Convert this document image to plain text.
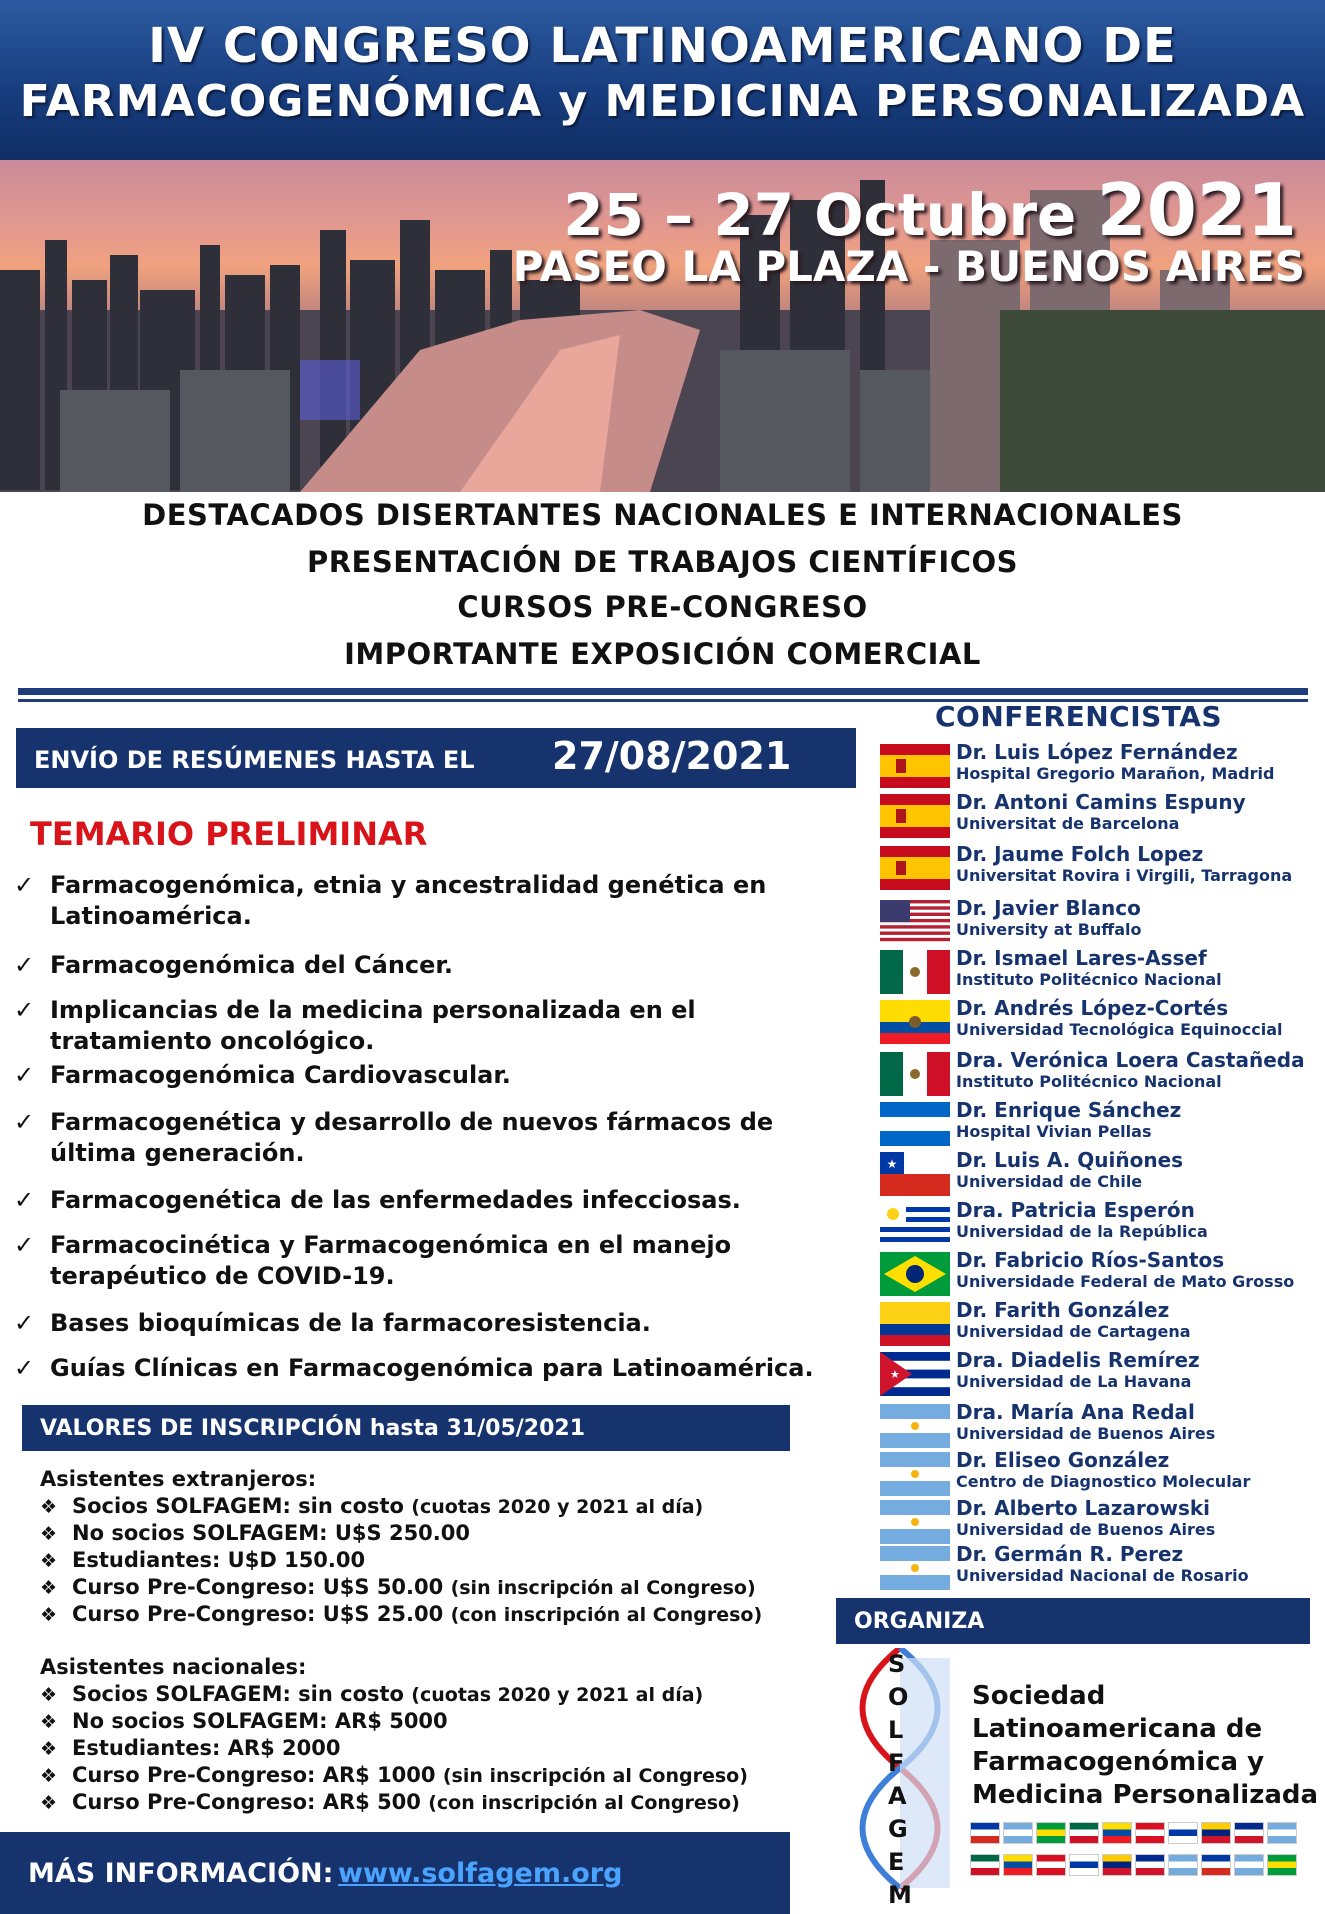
IV CONGRESO LATINOAMERICANO DE
FARMACOGENÓMICA y MEDICINA PERSONALIZADA
25 – 27 Octubre 2021
PASEO LA PLAZA - BUENOS AIRES
DESTACADOS DISERTANTES NACIONALES E INTERNACIONALES
PRESENTACIÓN DE TRABAJOS CIENTÍFICOS
CURSOS PRE-CONGRESO
IMPORTANTE EXPOSICIÓN COMERCIAL
ENVÍO DE RESÚMENES HASTA EL 27/08/2021
TEMARIO PRELIMINAR
✓ Farmacogenómica, etnia y ancestralidad genética en Latinoamérica.
✓ Farmacogenómica del Cáncer.
✓ Implicancias de la medicina personalizada en el tratamiento oncológico.
✓ Farmacogenómica Cardiovascular.
✓ Farmacogenética y desarrollo de nuevos fármacos de última generación.
✓ Farmacogenética de las enfermedades infecciosas.
✓ Farmacocinética y Farmacogenómica en el manejo terapéutico de COVID-19.
✓ Bases bioquímicas de la farmacoresistencia.
✓ Guías Clínicas en Farmacogenómica para Latinoamérica.
VALORES DE INSCRIPCIÓN hasta 31/05/2021
Asistentes extranjeros:
❖ Socios SOLFAGEM: sin costo (cuotas 2020 y 2021 al día)
❖ No socios SOLFAGEM: U$S 250.00
❖ Estudiantes: U$D 150.00
❖ Curso Pre-Congreso: U$S 50.00 (sin inscripción al Congreso)
❖ Curso Pre-Congreso: U$S 25.00 (con inscripción al Congreso)
Asistentes nacionales:
❖ Socios SOLFAGEM: sin costo (cuotas 2020 y 2021 al día)
❖ No socios SOLFAGEM: AR$ 5000
❖ Estudiantes: AR$ 2000
❖ Curso Pre-Congreso: AR$ 1000 (sin inscripción al Congreso)
❖ Curso Pre-Congreso: AR$ 500 (con inscripción al Congreso)
MÁS INFORMACIÓN: www.solfagem.org
CONFERENCISTAS
Dr. Luis López Fernández
Hospital Gregorio Marañon, Madrid
Dr. Antoni Camins Espuny
Universitat de Barcelona
Dr. Jaume Folch Lopez
Universitat Rovira i Virgili, Tarragona
Dr. Javier Blanco
University at Buffalo
Dr. Ismael Lares-Assef
Instituto Politécnico Nacional
Dr. Andrés López-Cortés
Universidad Tecnológica Equinoccial
Dra. Verónica Loera Castañeda
Instituto Politécnico Nacional
Dr. Enrique Sánchez
Hospital Vivian Pellas
★	Dr. Luis A. Quiñones
Universidad de Chile
Dra. Patricia Esperón
Universidad de la República
Dr. Fabricio Ríos-Santos
Universidade Federal de Mato Grosso
Dr. Farith González
Universidad de Cartagena
★
Dra. Diadelis Remírez
Universidad de La Havana
Dra. María Ana Redal
Universidad de Buenos Aires
Dr. Eliseo González
Centro de Diagnostico Molecular
Dr. Alberto Lazarowski
Universidad de Buenos Aires
Dr. Germán R. Perez
Universidad Nacional de Rosario
ORGANIZA
S
O
L
F
A
G
E
M
Sociedad
Latinoamericana de
Farmacogenómica y
Medicina Personalizada
